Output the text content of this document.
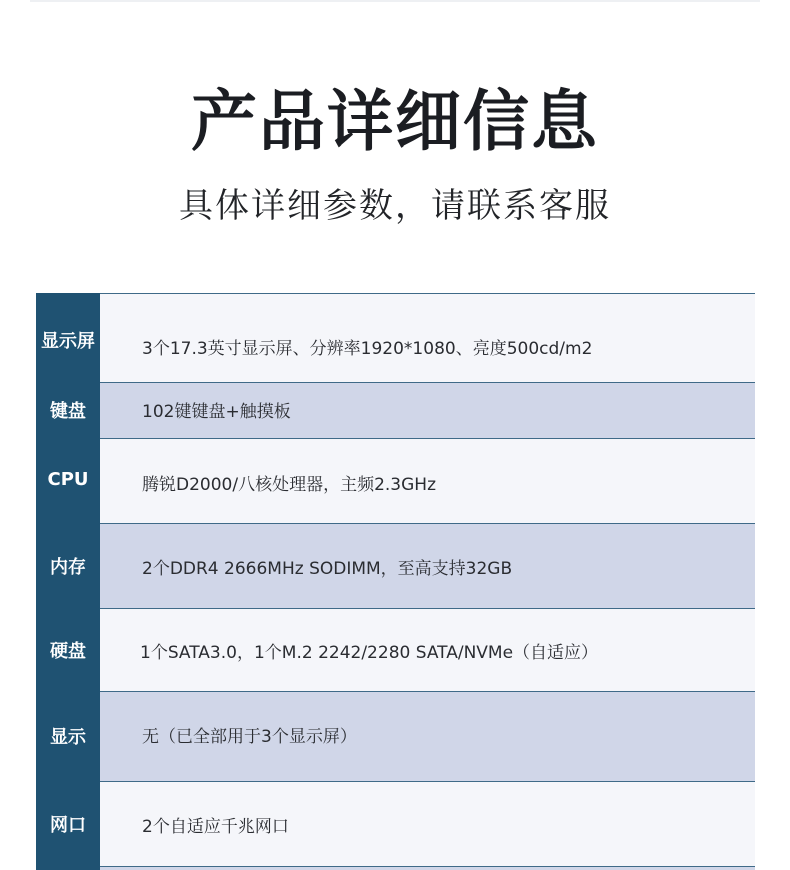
产品详细信息
具体详细参数，请联系客服
显示屏	3个17.3英寸显示屏、分辨率1920*1080、亮度500cd/m2
键盘	102键键盘+触摸板
CPU	腾锐D2000/八核处理器，主频2.3GHz
内存	2个DDR4 2666MHz SODIMM，至高支持32GB
硬盘	1个SATA3.0，1个M.2 2242/2280 SATA/NVMe（自适应）
显示	无（已全部用于3个显示屏）
网口	2个自适应千兆网口
